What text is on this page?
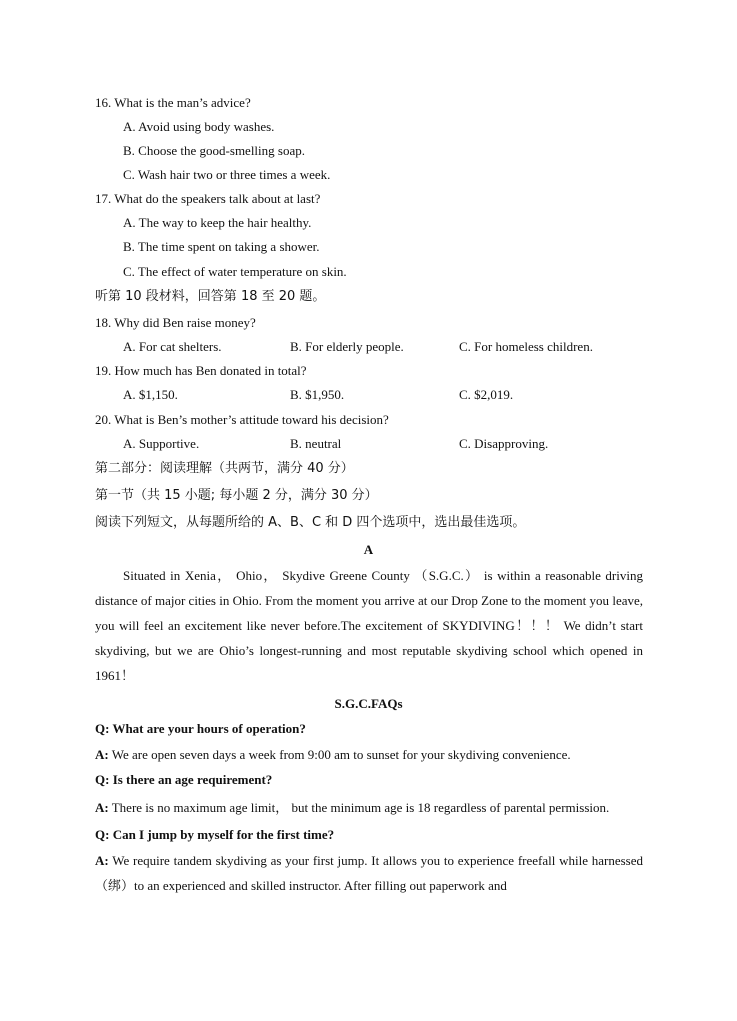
16. What is the man’s advice?
A. Avoid using body washes.
B. Choose the good-smelling soap.
C. Wash hair two or three times a week.
17. What do the speakers talk about at last?
A. The way to keep the hair healthy.
B. The time spent on taking a shower.
C. The effect of water temperature on skin.
听第 10 段材料，回答第 18 至 20 题。
18. Why did Ben raise money?
A. For cat shelters.	B. For elderly people.	C. For homeless children.
19. How much has Ben donated in total?
A. $1,150.	B. $1,950.	C. $2,019.
20. What is Ben’s mother’s attitude toward his decision?
A. Supportive.	B. neutral	C. Disapproving.
第二部分：阅读理解（共两节，满分 40 分）
第一节（共 15 小题; 每小题 2 分，满分 30 分）
阅读下列短文，从每题所给的 A、B、C 和 D 四个选项中，选出最佳选项。
A
Situated in Xenia， Ohio， Skydive Greene County （S.G.C.） is within a reasonable driving distance of major cities in Ohio. From the moment you arrive at our Drop Zone to the moment you leave, you will feel an excitement like never before.The excitement of SKYDIVING！！！ We didn’t start skydiving, but we are Ohio’s longest-running and most reputable skydiving school which opened in 1961！
S.G.C.FAQs
Q: What are your hours of operation?
A: We are open seven days a week from 9:00 am to sunset for your skydiving convenience.
Q: Is there an age requirement?
A: There is no maximum age limit， but the minimum age is 18 regardless of parental permission.
Q: Can I jump by myself for the first time?
A: We require tandem skydiving as your first jump. It allows you to experience freefall while harnessed （绑）to an experienced and skilled instructor. After filling out paperwork and
